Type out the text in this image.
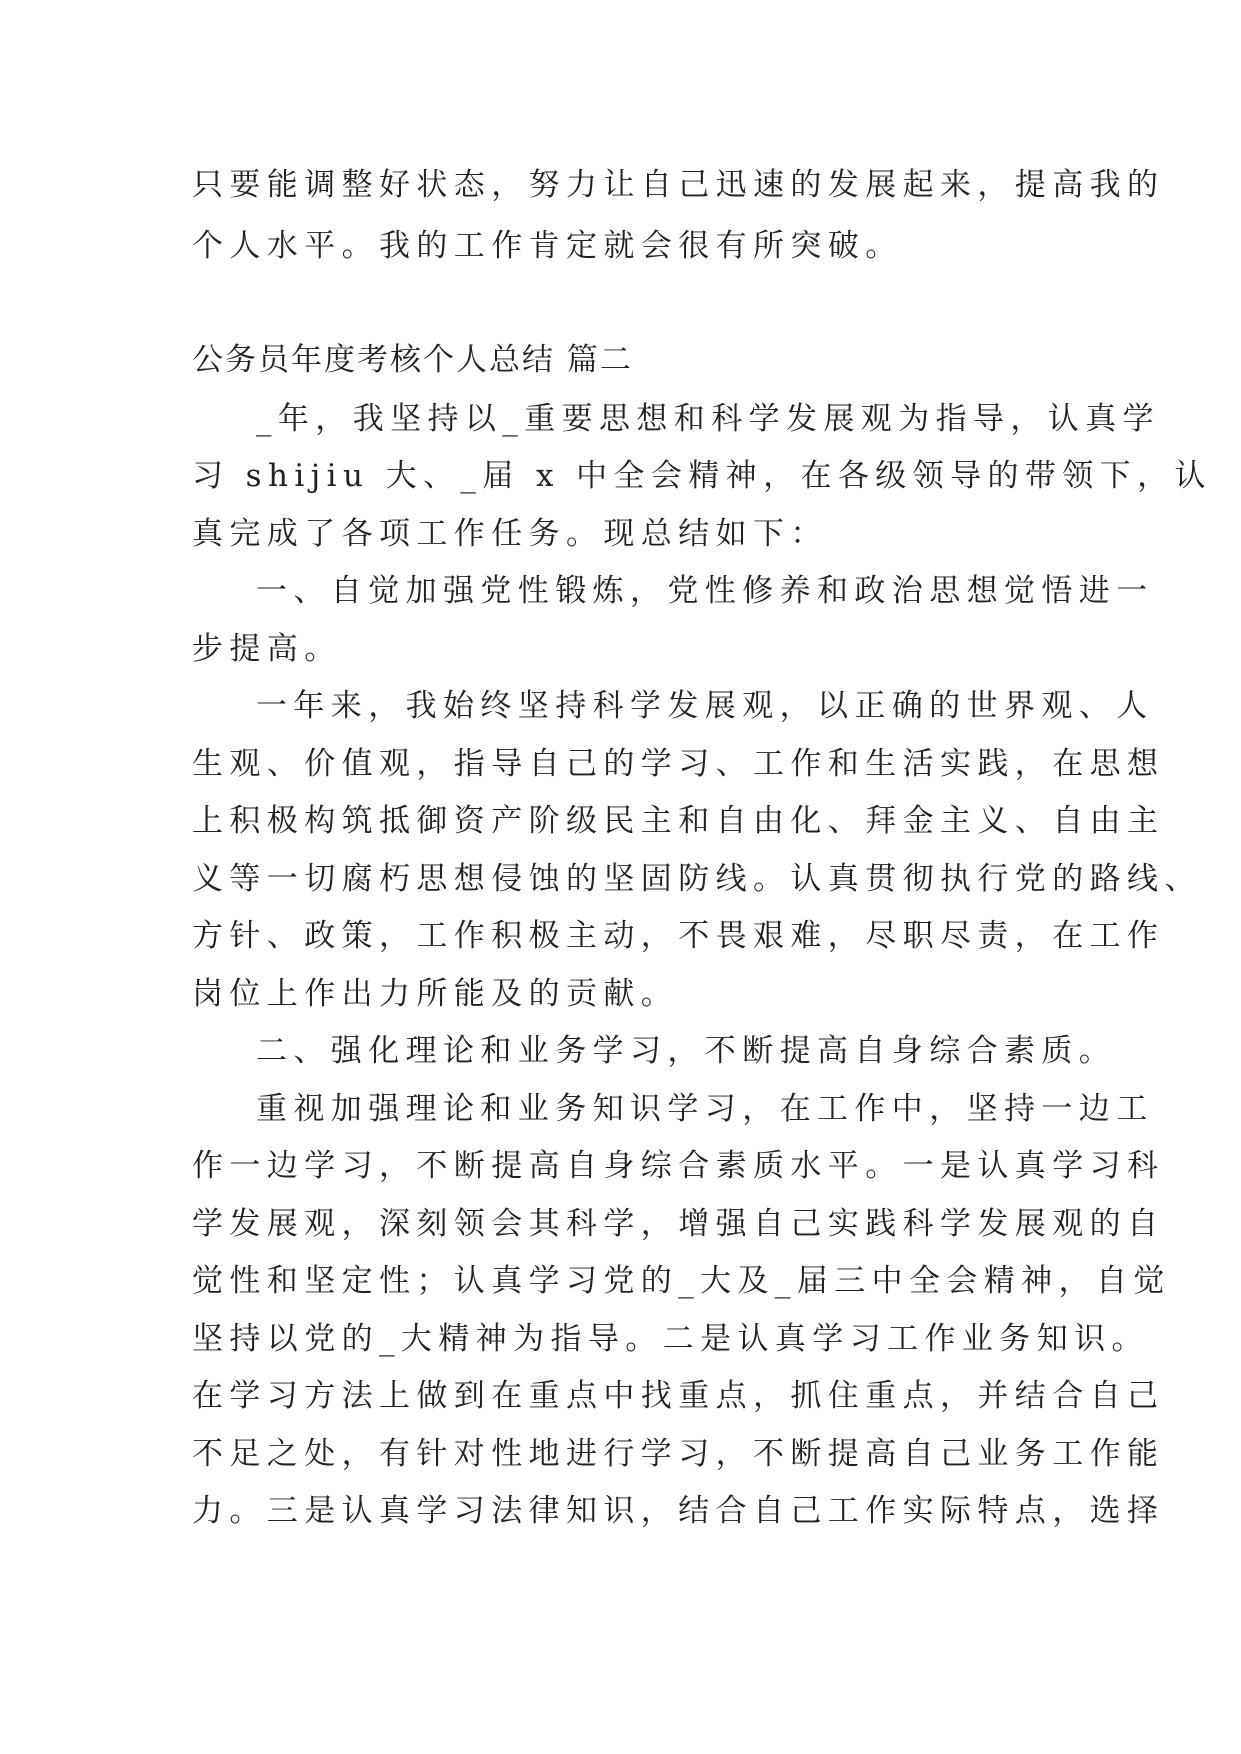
只要能调整好状态，努力让自己迅速的发展起来，提高我的
个人水平。我的工作肯定就会很有所突破。
公务员年度考核个人总结 篇二
_年，我坚持以_重要思想和科学发展观为指导，认真学
习 shijiu 大、_届 x 中全会精神，在各级领导的带领下，认
真完成了各项工作任务。现总结如下：
一、自觉加强党性锻炼，党性修养和政治思想觉悟进一
步提高。
一年来，我始终坚持科学发展观，以正确的世界观、人
生观、价值观，指导自己的学习、工作和生活实践，在思想
上积极构筑抵御资产阶级民主和自由化、拜金主义、自由主
义等一切腐朽思想侵蚀的坚固防线。认真贯彻执行党的路线、
方针、政策，工作积极主动，不畏艰难，尽职尽责，在工作
岗位上作出力所能及的贡献。
二、强化理论和业务学习，不断提高自身综合素质。
重视加强理论和业务知识学习，在工作中，坚持一边工
作一边学习，不断提高自身综合素质水平。一是认真学习科
学发展观，深刻领会其科学，增强自己实践科学发展观的自
觉性和坚定性；认真学习党的_大及_届三中全会精神，自觉
坚持以党的_大精神为指导。二是认真学习工作业务知识。
在学习方法上做到在重点中找重点，抓住重点，并结合自己
不足之处，有针对性地进行学习，不断提高自己业务工作能
力。三是认真学习法律知识，结合自己工作实际特点，选择
